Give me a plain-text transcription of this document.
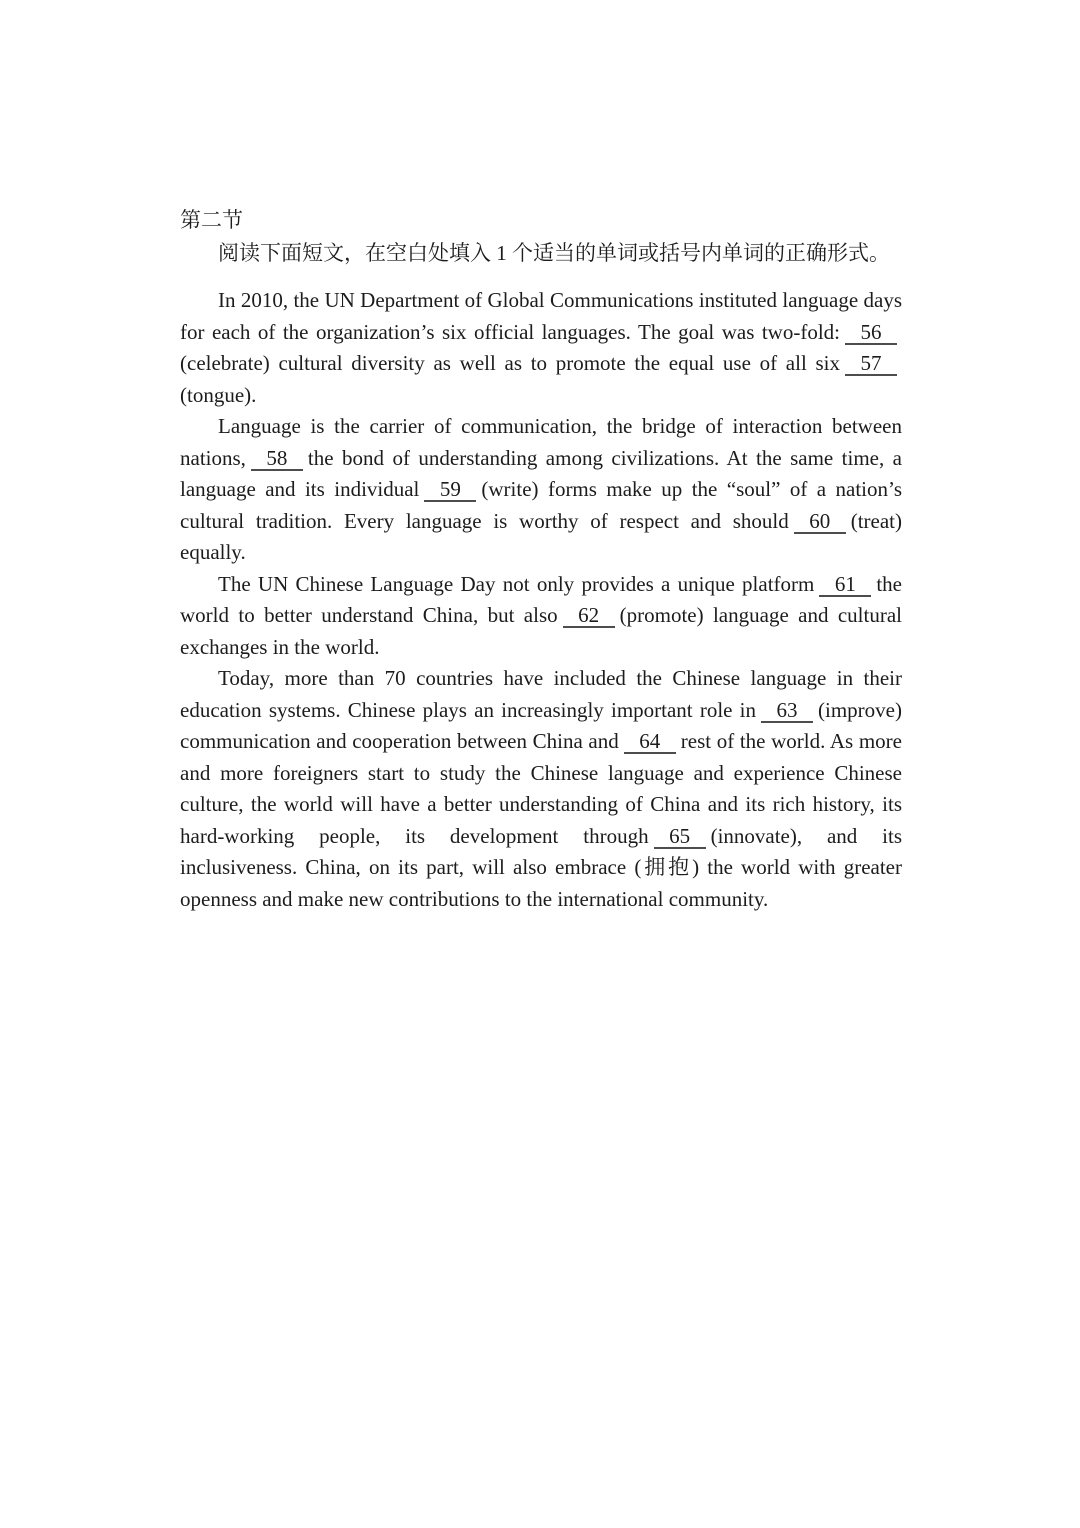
第二节
阅读下面短文，在空白处填入 1 个适当的单词或括号内单词的正确形式。

In 2010, the UN Department of Global Communications instituted language days for each of the organization’s six official languages. The goal was two-fold: 56(celebrate) cultural diversity as well as to promote the equal use of all six 57(tongue).

Language is the carrier of communication, the bridge of interaction between nations, 58 the bond of understanding among civilizations. At the same time, a language and its individual 59 (write) forms make up the “soul” of a nation’s cultural tradition. Every language is worthy of respect and should 60 (treat) equally.

The UN Chinese Language Day not only provides a unique platform 61 the world to better understand China, but also 62 (promote) language and cultural exchanges in the world.

Today, more than 70 countries have included the Chinese language in their education systems. Chinese plays an increasingly important role in 63 (improve) communication and cooperation between China and 64 rest of the world. As more and more foreigners start to study the Chinese language and experience Chinese culture, the world will have a better understanding of China and its rich history, its hard-working people, its development through 65 (innovate), and its inclusiveness. China, on its part, will also embrace (拥抱) the world with greater openness and make new contributions to the international community.
